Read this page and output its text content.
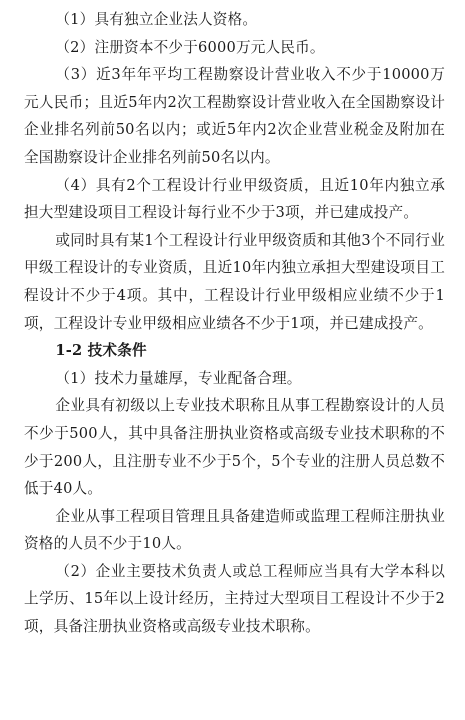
（1）具有独立企业法人资格。

（2）注册资本不少于6000万元人民币。

（3）近3年年平均工程勘察设计营业收入不少于10000万元人民币；且近5年内2次工程勘察设计营业收入在全国勘察设计企业排名列前50名以内；或近5年内2次企业营业税金及附加在全国勘察设计企业排名列前50名以内。

（4）具有2个工程设计行业甲级资质，且近10年内独立承担大型建设项目工程设计每行业不少于3项，并已建成投产。

或同时具有某1个工程设计行业甲级资质和其他3个不同行业甲级工程设计的专业资质，且近10年内独立承担大型建设项目工程设计不少于4项。其中，工程设计行业甲级相应业绩不少于1项，工程设计专业甲级相应业绩各不少于1项，并已建成投产。

1-2 技术条件

（1）技术力量雄厚，专业配备合理。

企业具有初级以上专业技术职称且从事工程勘察设计的人员不少于500人，其中具备注册执业资格或高级专业技术职称的不少于200人，且注册专业不少于5个，5个专业的注册人员总数不低于40人。

企业从事工程项目管理且具备建造师或监理工程师注册执业资格的人员不少于10人。

（2）企业主要技术负责人或总工程师应当具有大学本科以上学历、15年以上设计经历，主持过大型项目工程设计不少于2项，具备注册执业资格或高级专业技术职称。
